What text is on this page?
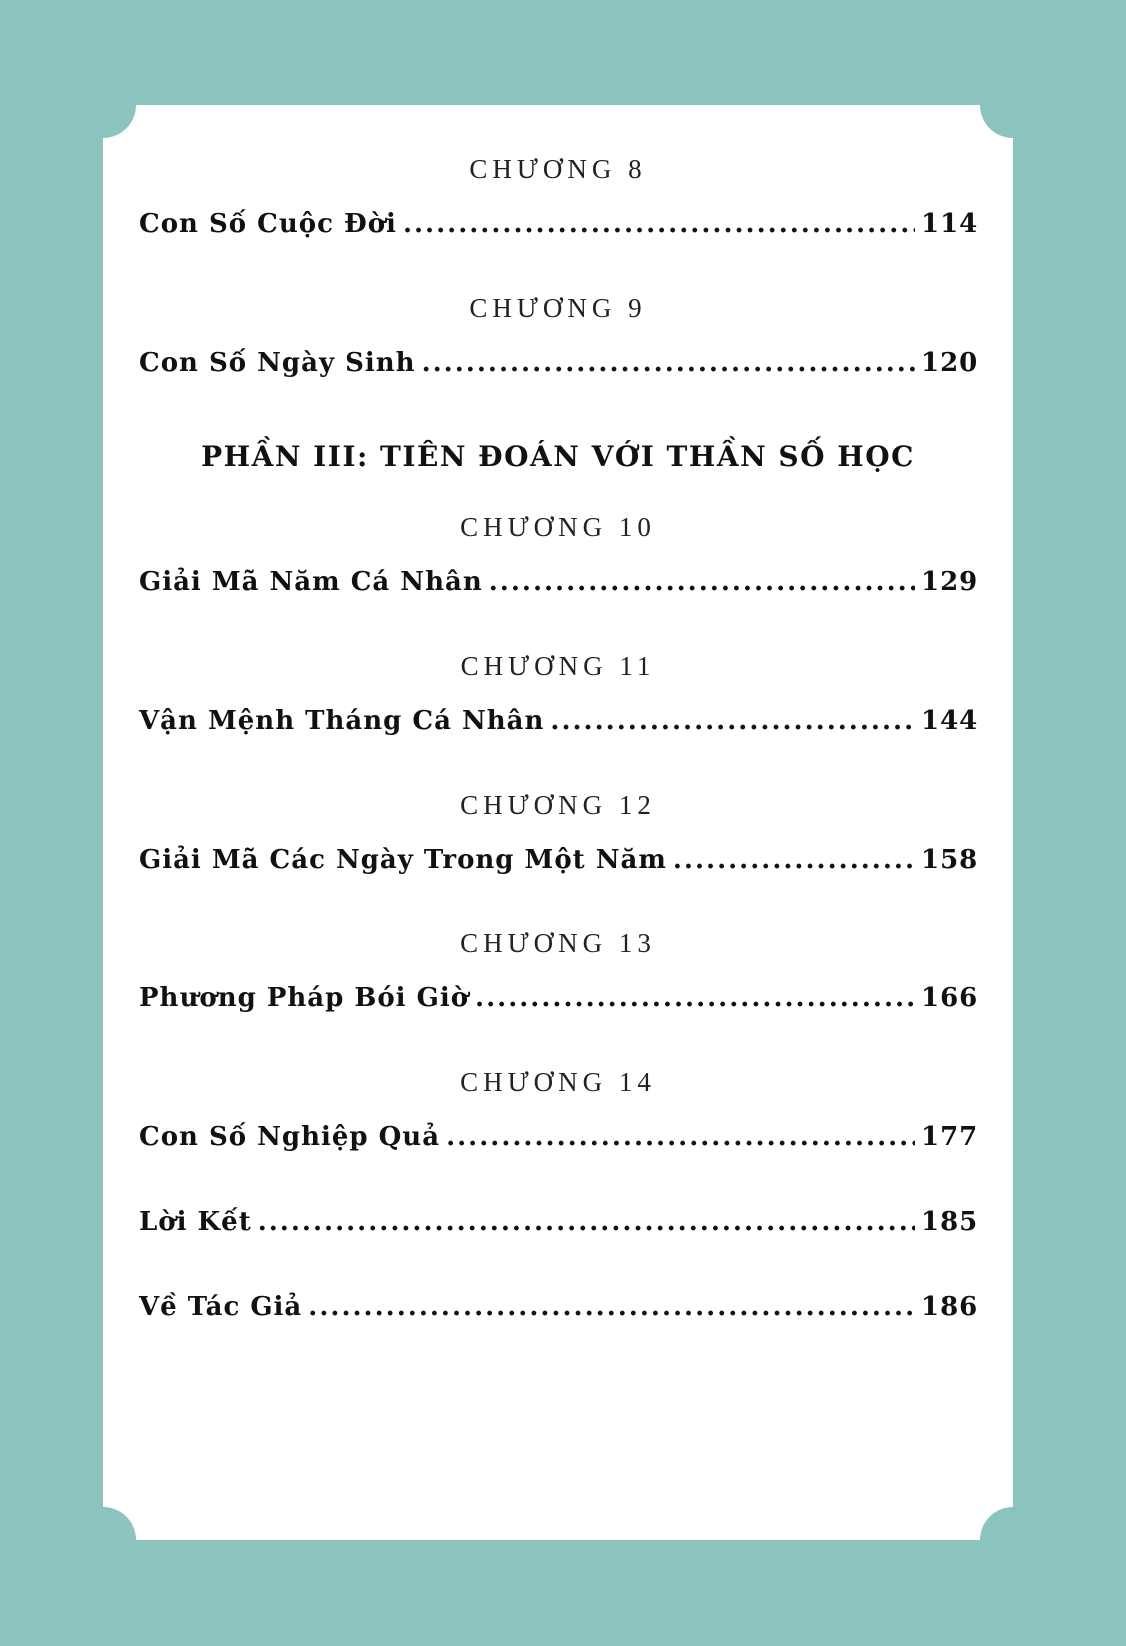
CHƯƠNG 8
Con Số Cuộc Đời .....	114
CHƯƠNG 9
Con Số Ngày Sinh .....	120
PHẦN III: TIÊN ĐOÁN VỚI THẦN SỐ HỌC
CHƯƠNG 10
Giải Mã Năm Cá Nhân .....	129
CHƯƠNG 11
Vận Mệnh Tháng Cá Nhân .....	144
CHƯƠNG 12
Giải Mã Các Ngày Trong Một Năm .....	158
CHƯƠNG 13
Phương Pháp Bói Giờ .....	166
CHƯƠNG 14
Con Số Nghiệp Quả .....	177
Lời Kết .....	185
Về Tác Giả .....	186
